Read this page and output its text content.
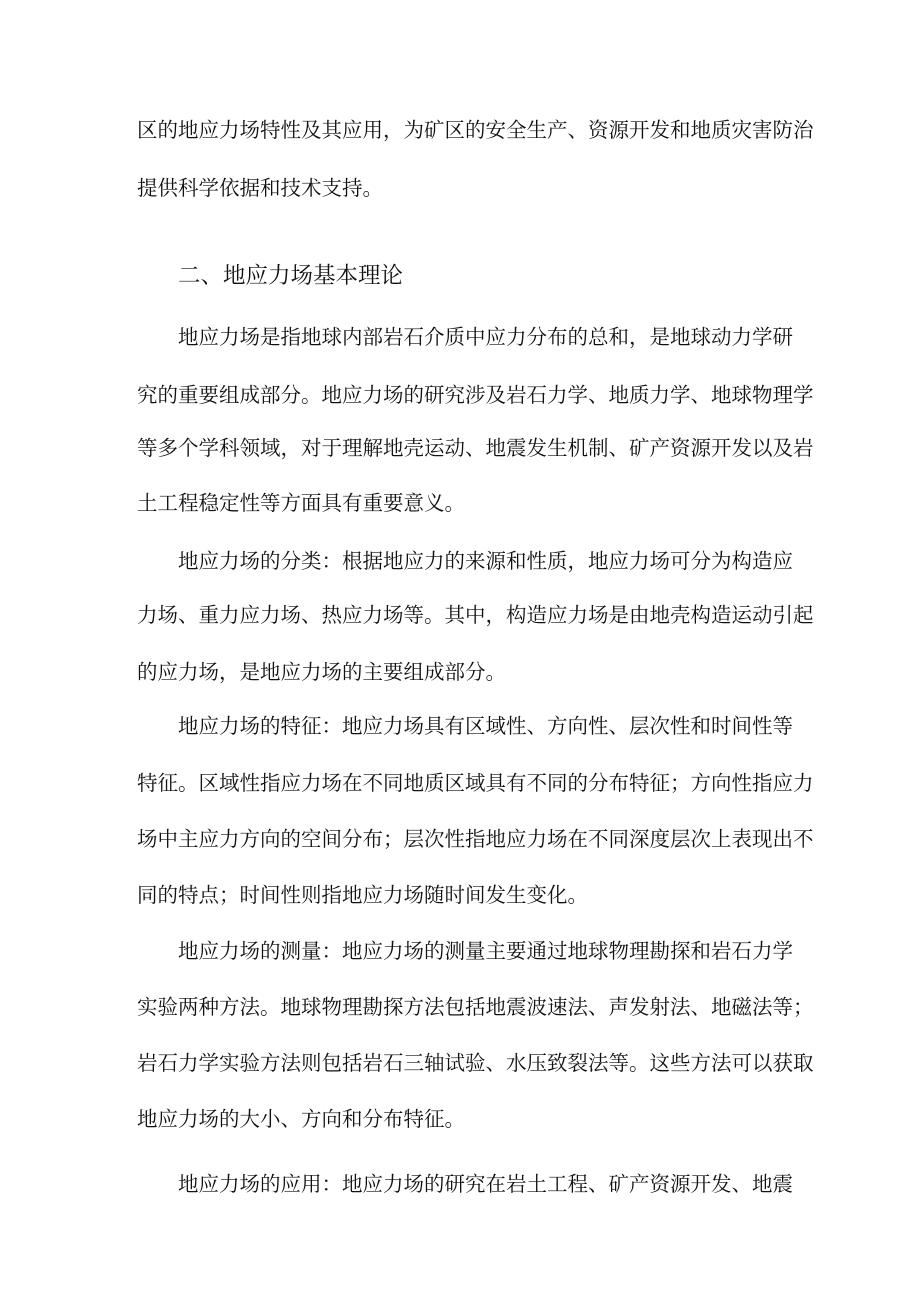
区的地应力场特性及其应用，为矿区的安全生产、资源开发和地质灾害防治

提供科学依据和技术支持。

二、地应力场基本理论

地应力场是指地球内部岩石介质中应力分布的总和，是地球动力学研

究的重要组成部分。地应力场的研究涉及岩石力学、地质力学、地球物理学

等多个学科领域，对于理解地壳运动、地震发生机制、矿产资源开发以及岩

土工程稳定性等方面具有重要意义。

地应力场的分类：根据地应力的来源和性质，地应力场可分为构造应

力场、重力应力场、热应力场等。其中，构造应力场是由地壳构造运动引起

的应力场，是地应力场的主要组成部分。

地应力场的特征：地应力场具有区域性、方向性、层次性和时间性等

特征。区域性指应力场在不同地质区域具有不同的分布特征；方向性指应力

场中主应力方向的空间分布；层次性指地应力场在不同深度层次上表现出不

同的特点；时间性则指地应力场随时间发生变化。

地应力场的测量：地应力场的测量主要通过地球物理勘探和岩石力学

实验两种方法。地球物理勘探方法包括地震波速法、声发射法、地磁法等；

岩石力学实验方法则包括岩石三轴试验、水压致裂法等。这些方法可以获取

地应力场的大小、方向和分布特征。

地应力场的应用：地应力场的研究在岩土工程、矿产资源开发、地震
